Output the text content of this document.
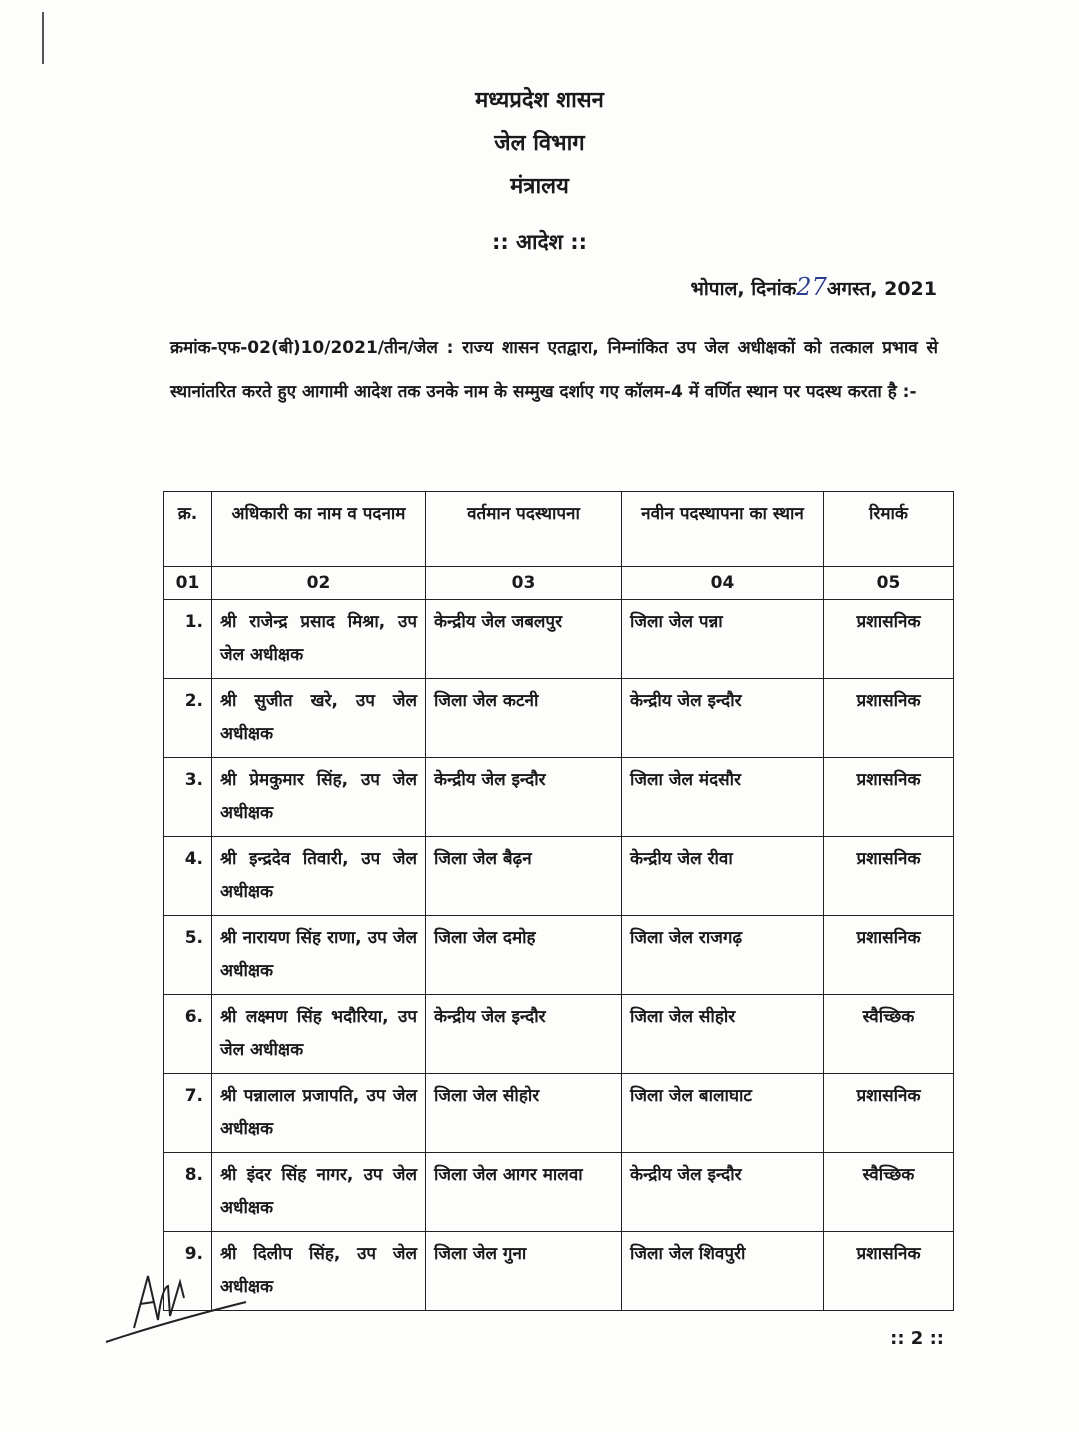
मध्यप्रदेश शासन
जेल विभाग
मंत्रालय
:: आदेश ::
भोपाल, दिनांक27अगस्त, 2021
क्रमांक-एफ-02(बी)10/2021/तीन/जेल : राज्य शासन एतद्वारा, निम्नांकित उप जेल अधीक्षकों को तत्काल प्रभाव से स्थानांतरित करते हुए आगामी आदेश तक उनके नाम के सम्मुख दर्शाए गए कॉलम-4 में वर्णित स्थान पर पदस्थ करता है :-
क्र.	अधिकारी का नाम व पदनाम	वर्तमान पदस्थापना	नवीन पदस्थापना का स्थान	रिमार्क
01	02	03	04	05
1.	श्री राजेन्द्र प्रसाद मिश्रा, उप जेल अधीक्षक	केन्द्रीय जेल जबलपुर	जिला जेल पन्ना	प्रशासनिक
2.	श्री सुजीत खरे, उप जेल अधीक्षक	जिला जेल कटनी	केन्द्रीय जेल इन्दौर	प्रशासनिक
3.	श्री प्रेमकुमार सिंह, उप जेल अधीक्षक	केन्द्रीय जेल इन्दौर	जिला जेल मंदसौर	प्रशासनिक
4.	श्री इन्द्रदेव तिवारी, उप जेल अधीक्षक	जिला जेल बैढ़न	केन्द्रीय जेल रीवा	प्रशासनिक
5.	श्री नारायण सिंह राणा, उप जेल अधीक्षक	जिला जेल दमोह	जिला जेल राजगढ़	प्रशासनिक
6.	श्री लक्ष्मण सिंह भदौरिया, उप जेल अधीक्षक	केन्द्रीय जेल इन्दौर	जिला जेल सीहोर	स्वैच्छिक
7.	श्री पन्नालाल प्रजापति, उप जेल अधीक्षक	जिला जेल सीहोर	जिला जेल बालाघाट	प्रशासनिक
8.	श्री इंदर सिंह नागर, उप जेल अधीक्षक	जिला जेल आगर मालवा	केन्द्रीय जेल इन्दौर	स्वैच्छिक
9.	श्री दिलीप सिंह, उप जेल अधीक्षक	जिला जेल गुना	जिला जेल शिवपुरी	प्रशासनिक
:: 2 ::
